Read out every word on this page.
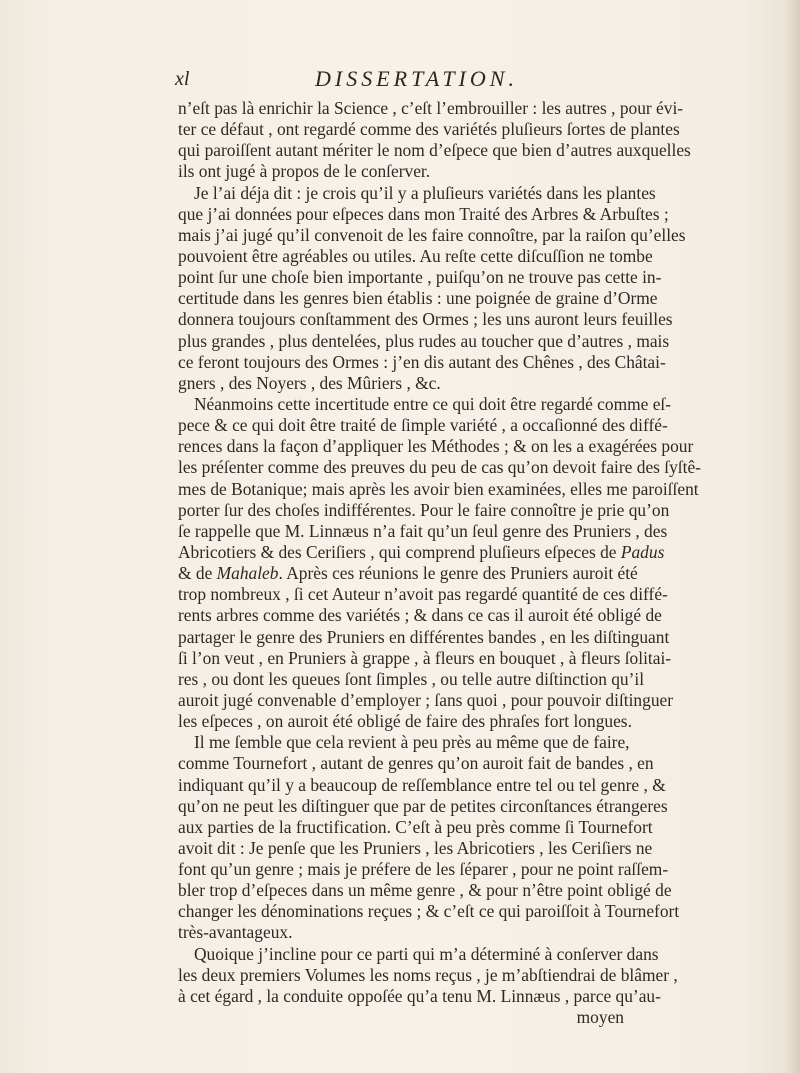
xl	DISSERTATION.
n’eſt pas là enrichir la Science , c’eſt l’embrouiller : les autres , pour évi-
ter ce défaut , ont regardé comme des variétés pluſieurs ſortes de plantes
qui paroiſſent autant mériter le nom d’eſpece que bien d’autres auxquelles
ils ont jugé à propos de le conſerver.
Je l’ai déja dit : je crois qu’il y a pluſieurs variétés dans les plantes
que j’ai données pour eſpeces dans mon Traité des Arbres & Arbuſtes ;
mais j’ai jugé qu’il convenoit de les faire connoître, par la raiſon qu’elles
pouvoient être agréables ou utiles. Au reſte cette diſcuſſion ne tombe
point ſur une choſe bien importante , puiſqu’on ne trouve pas cette in-
certitude dans les genres bien établis : une poignée de graine d’Orme
donnera toujours conſtamment des Ormes ; les uns auront leurs feuilles
plus grandes , plus dentelées, plus rudes au toucher que d’autres , mais
ce feront toujours des Ormes : j’en dis autant des Chênes , des Châtai-
gners , des Noyers , des Mûriers , &c.
Néanmoins cette incertitude entre ce qui doit être regardé comme eſ-
pece & ce qui doit être traité de ſimple variété , a occaſionné des diffé-
rences dans la façon d’appliquer les Méthodes ; & on les a exagérées pour
les préſenter comme des preuves du peu de cas qu’on devoit faire des ſyſtê-
mes de Botanique; mais après les avoir bien examinées, elles me paroiſſent
porter ſur des choſes indifférentes. Pour le faire connoître je prie qu’on
ſe rappelle que M. Linnæus n’a fait qu’un ſeul genre des Pruniers , des
Abricotiers & des Ceriſiers , qui comprend pluſieurs eſpeces de Padus
& de Mahaleb. Après ces réunions le genre des Pruniers auroit été
trop nombreux , ſi cet Auteur n’avoit pas regardé quantité de ces diffé-
rents arbres comme des variétés ; & dans ce cas il auroit été obligé de
partager le genre des Pruniers en différentes bandes , en les diſtinguant
ſi l’on veut , en Pruniers à grappe , à fleurs en bouquet , à fleurs ſolitai-
res , ou dont les queues ſont ſimples , ou telle autre diſtinction qu’il
auroit jugé convenable d’employer ; ſans quoi , pour pouvoir diſtinguer
les eſpeces , on auroit été obligé de faire des phraſes fort longues.
Il me ſemble que cela revient à peu près au même que de faire,
comme Tournefort , autant de genres qu’on auroit fait de bandes , en
indiquant qu’il y a beaucoup de reſſemblance entre tel ou tel genre , &
qu’on ne peut les diſtinguer que par de petites circonſtances étrangeres
aux parties de la fructification. C’eſt à peu près comme ſi Tournefort
avoit dit : Je penſe que les Pruniers , les Abricotiers , les Ceriſiers ne
font qu’un genre ; mais je préfere de les ſéparer , pour ne point raſſem-
bler trop d’eſpeces dans un même genre , & pour n’être point obligé de
changer les dénominations reçues ; & c’eſt ce qui paroiſſoit à Tournefort
très-avantageux.
Quoique j’incline pour ce parti qui m’a déterminé à conſerver dans
les deux premiers Volumes les noms reçus , je m’abſtiendrai de blâmer ,
à cet égard , la conduite oppoſée qu’a tenu M. Linnæus , parce qu’au-
moyen
